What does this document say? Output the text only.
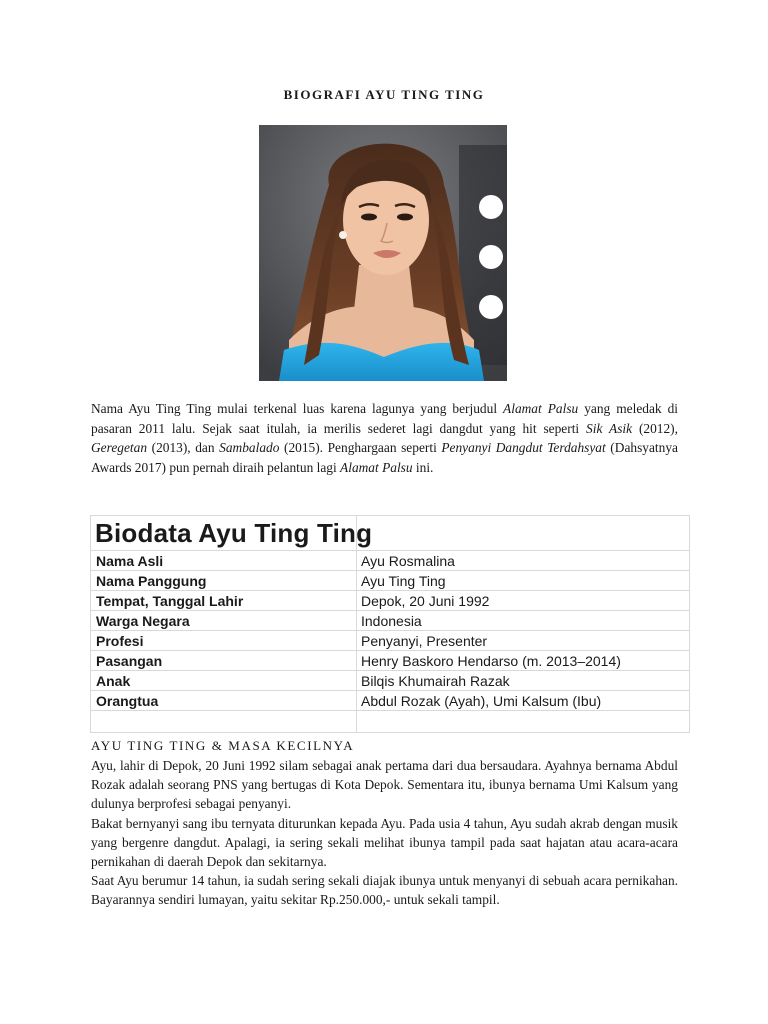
BIOGRAFI AYU TING TING

Nama Ayu Ting Ting mulai terkenal luas karena lagunya yang berjudul Alamat Palsu yang meledak di pasaran 2011 lalu. Sejak saat itulah, ia merilis sederet lagi dangdut yang hit seperti Sik Asik (2012), Geregetan (2013), dan Sambalado (2015). Penghargaan seperti Penyanyi Dangdut Terdahsyat (Dahsyatnya Awards 2017) pun pernah diraih pelantun lagi Alamat Palsu ini.

Biodata Ayu Ting Ting
Nama Asli	Ayu Rosmalina
Nama Panggung	Ayu Ting Ting
Tempat, Tanggal Lahir	Depok, 20 Juni 1992
Warga Negara	Indonesia
Profesi	Penyanyi, Presenter
Pasangan	Henry Baskoro Hendarso (m. 2013–2014)
Anak	Bilqis Khumairah Razak
Orangtua	Abdul Rozak (Ayah), Umi Kalsum (Ibu)
AYU TING TING & MASA KECILNYA

Ayu, lahir di Depok, 20 Juni 1992 silam sebagai anak pertama dari dua bersaudara. Ayahnya bernama Abdul Rozak adalah seorang PNS yang bertugas di Kota Depok. Sementara itu, ibunya bernama Umi Kalsum yang dulunya berprofesi sebagai penyanyi.

Bakat bernyanyi sang ibu ternyata diturunkan kepada Ayu. Pada usia 4 tahun, Ayu sudah akrab dengan musik yang bergenre dangdut. Apalagi, ia sering sekali melihat ibunya tampil pada saat hajatan atau acara-acara pernikahan di daerah Depok dan sekitarnya.

Saat Ayu berumur 14 tahun, ia sudah sering sekali diajak ibunya untuk menyanyi di sebuah acara pernikahan. Bayarannya sendiri lumayan, yaitu sekitar Rp.250.000,- untuk sekali tampil.
